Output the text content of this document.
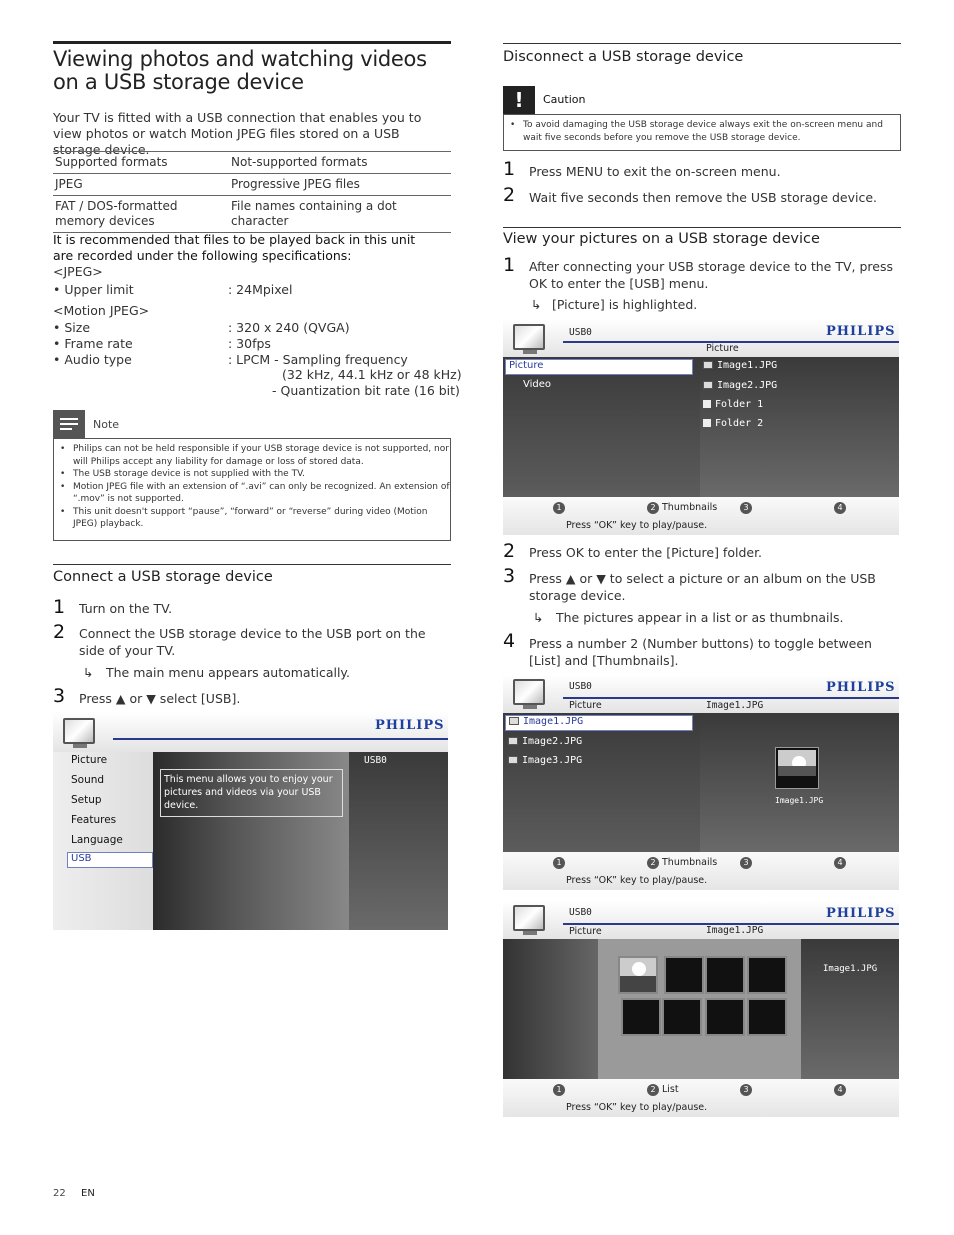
Viewing photos and watching videos on a USB storage device

Your TV is fitted with a USB connection that enables you to view photos or watch Motion JPEG files stored on a USB storage device.

Supported formats	Not-supported formats
JPEG	Progressive JPEG files
FAT / DOS-formatted memory devices	File names containing a dot character

It is recommended that files to be played back in this unit are recorded under the following specifications:

<JPEG>
• Upper limit	: 24Mpixel
<Motion JPEG>
• Size	: 320 x 240 (QVGA)
• Frame rate	: 30fps
• Audio type	: LPCM - Sampling frequency
(32 kHz, 44.1 kHz or 48 kHz)
- Quantization bit rate (16 bit)
Note
• Philips can not be held responsible if your USB storage device is not supported, nor will Philips accept any liability for damage or loss of stored data.
• The USB storage device is not supplied with the TV.
• Motion JPEG file with an extension of “.avi” can only be recognized. An extension of “.mov” is not supported.
• This unit doesn't support “pause”, “forward” or “reverse” during video (Motion JPEG) playback.
Connect a USB storage device
1 Turn on the TV.
2 Connect the USB storage device to the USB port on the side of your TV.
↳ The main menu appears automatically.
3 Press ▲ or ▼ select [USB].
PHILIPS
Picture
Sound
Setup
Features
Language
USB
This menu allows you to enjoy your pictures and videos via your USB device.
USB0
Disconnect a USB storage device
!	Caution
• To avoid damaging the USB storage device always exit the on-screen menu and wait five seconds before you remove the USB storage device.
1 Press MENU to exit the on-screen menu.
2 Wait five seconds then remove the USB storage device.
View your pictures on a USB storage device
1 After connecting your USB storage device to the TV, press OK to enter the [USB] menu.
↳ [Picture] is highlighted.
USB0	PHILIPS
Picture
Picture
Video
Image1.JPG
Image2.JPG
Folder 1
Folder 2
1	2 Thumbnails	3	4
Press “OK” key to play/pause.
2 Press OK to enter the [Picture] folder.
3 Press ▲ or ▼ to select a picture or an album on the USB storage device.
↳ The pictures appear in a list or as thumbnails.
4 Press a number 2 (Number buttons) to toggle between [List] and [Thumbnails].
USB0	PHILIPS
Picture	Image1.JPG
Image1.JPG
Image2.JPG
Image3.JPG
Image1.JPG
1	2 Thumbnails	3	4
Press “OK” key to play/pause.
USB0	PHILIPS
Picture	Image1.JPG
Image1.JPG
1	2 List	3	4
Press “OK” key to play/pause.
22 EN
